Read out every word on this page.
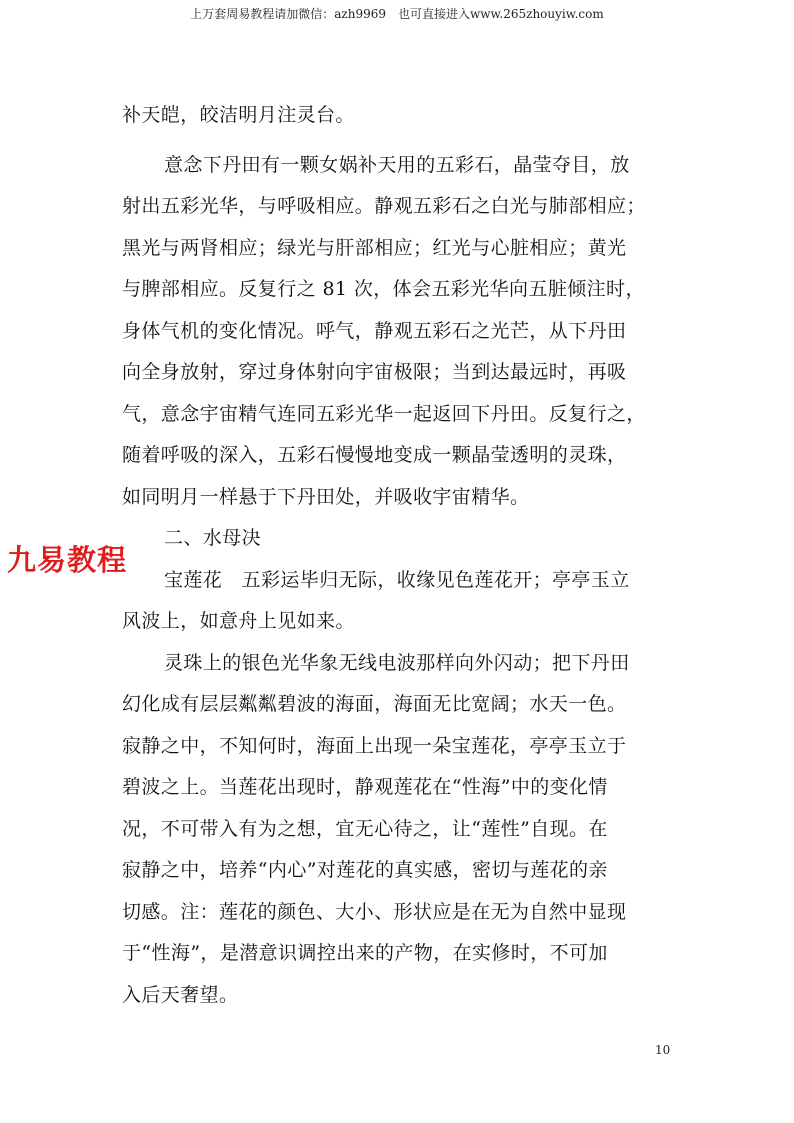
上万套周易教程请加微信：azh9969　也可直接进入www.265zhouyiw.com
补天皑，皎洁明月注灵台。
意念下丹田有一颗女娲补天用的五彩石，晶莹夺目，放
射出五彩光华，与呼吸相应。静观五彩石之白光与肺部相应；
黑光与两肾相应；绿光与肝部相应；红光与心脏相应；黄光
与脾部相应。反复行之 81 次，体会五彩光华向五脏倾注时，
身体气机的变化情况。呼气，静观五彩石之光芒，从下丹田
向全身放射，穿过身体射向宇宙极限；当到达最远时，再吸
气，意念宇宙精气连同五彩光华一起返回下丹田。反复行之，
随着呼吸的深入，五彩石慢慢地变成一颗晶莹透明的灵珠，
如同明月一样悬于下丹田处，并吸收宇宙精华。
二、水母决
宝莲花　五彩运毕归无际，收缘见色莲花开；亭亭玉立
风波上，如意舟上见如来。
灵珠上的银色光华象无线电波那样向外闪动；把下丹田
幻化成有层层粼粼碧波的海面，海面无比宽阔；水天一色。
寂静之中，不知何时，海面上出现一朵宝莲花，亭亭玉立于
碧波之上。当莲花出现时，静观莲花在“性海”中的变化情
况，不可带入有为之想，宜无心待之，让“莲性”自现。在
寂静之中，培养“内心”对莲花的真实感，密切与莲花的亲
切感。注：莲花的颜色、大小、形状应是在无为自然中显现
于“性海”，是潜意识调控出来的产物，在实修时，不可加
入后天奢望。
九易教程
10
